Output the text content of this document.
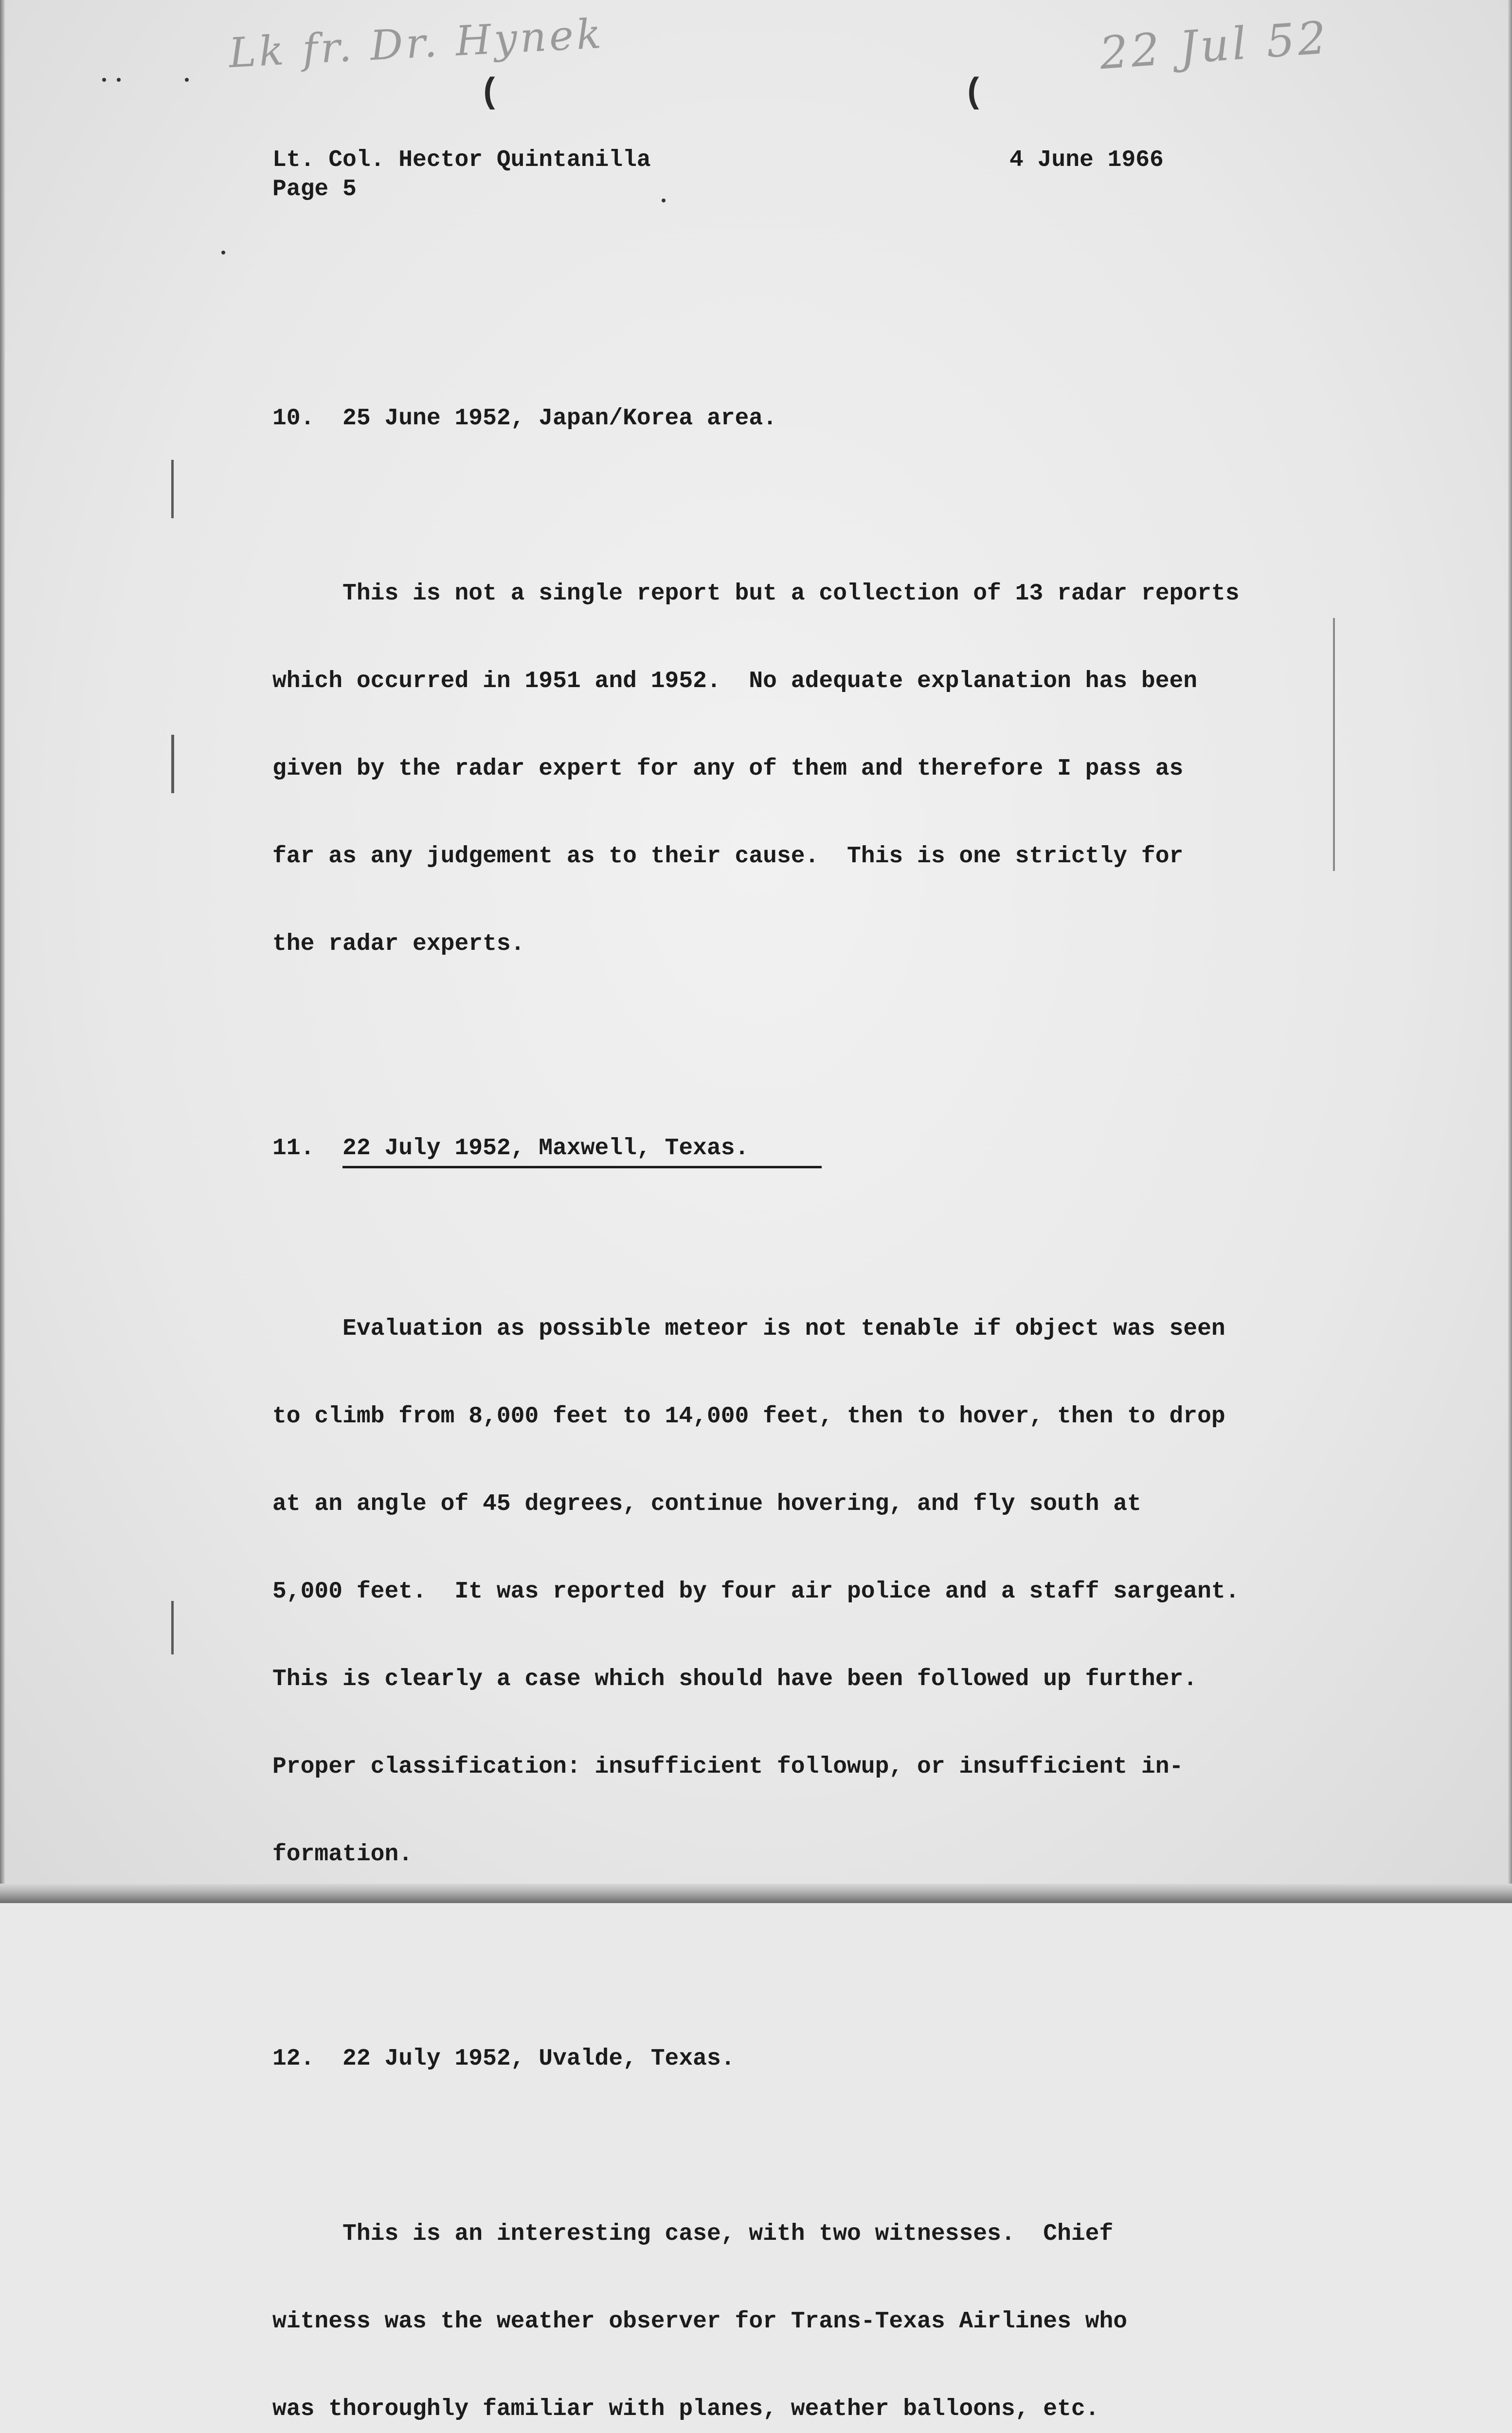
Lk fr. Dr. Hynek	22 Jul 52
(	(
Lt. Col. Hector Quintanilla
Page 5
4 June 1966

10.  25 June 1952, Japan/Korea area.

This is not a single report but a collection of 13 radar reports

which occurred in 1951 and 1952.  No adequate explanation has been

given by the radar expert for any of them and therefore I pass as

far as any judgement as to their cause.  This is one strictly for

the radar experts.

11.  22 July 1952, Maxwell, Texas.

Evaluation as possible meteor is not tenable if object was seen

to climb from 8,000 feet to 14,000 feet, then to hover, then to drop

at an angle of 45 degrees, continue hovering, and fly south at

5,000 feet.  It was reported by four air police and a staff sargeant.

This is clearly a case which should have been followed up further.

Proper classification: insufficient followup, or insufficient in-

formation.

12.  22 July 1952, Uvalde, Texas.

This is an interesting case, with two witnesses.  Chief

witness was the weather observer for Trans-Texas Airlines who

was thoroughly familiar with planes, weather balloons, etc.
